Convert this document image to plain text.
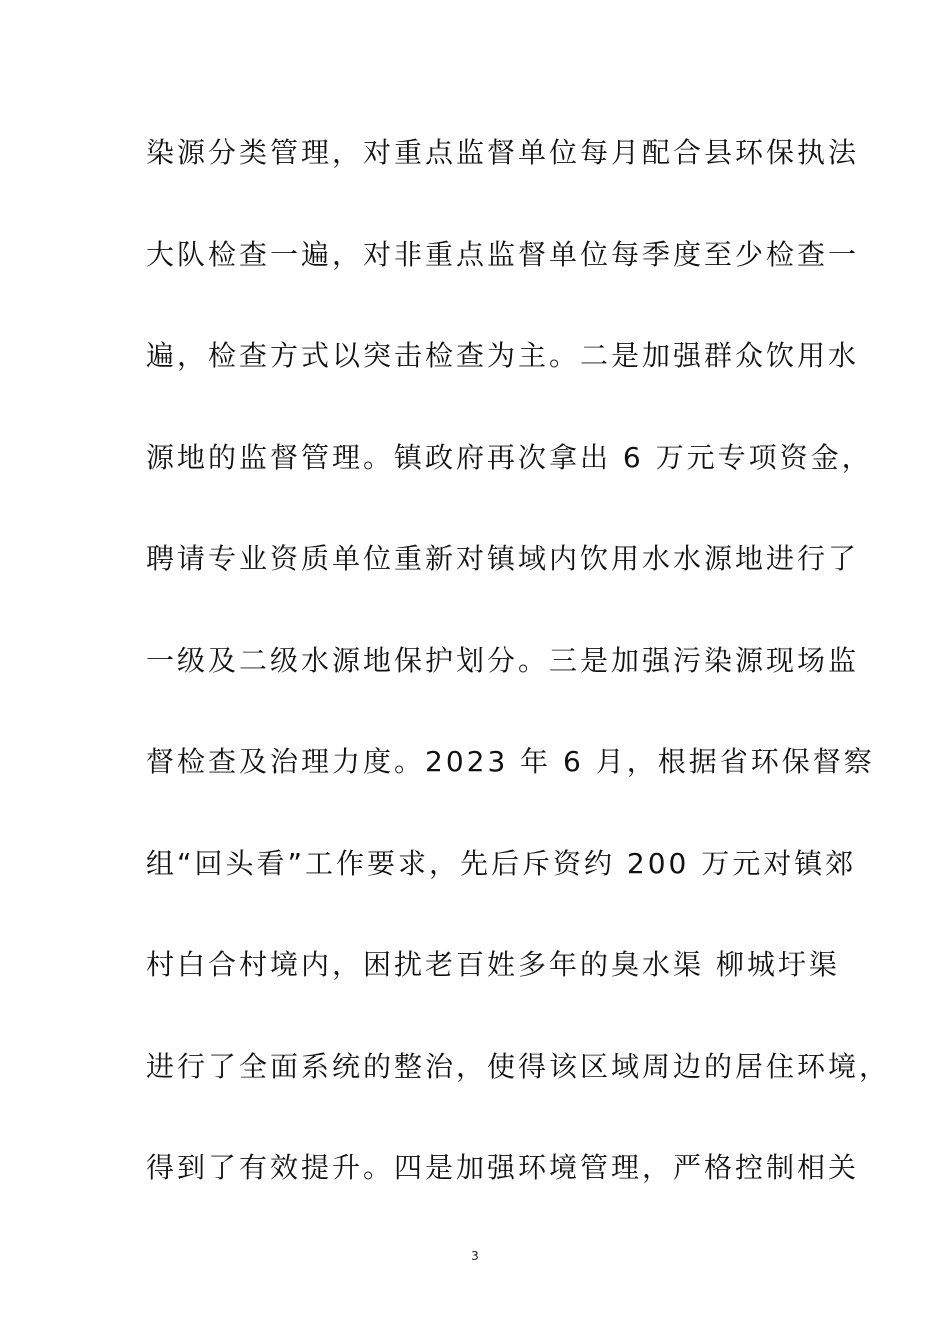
染源分类管理，对重点监督单位每月配合县环保执法
大队检查一遍，对非重点监督单位每季度至少检查一
遍，检查方式以突击检查为主。二是加强群众饮用水
源地的监督管理。镇政府再次拿出 6 万元专项资金，
聘请专业资质单位重新对镇域内饮用水水源地进行了
一级及二级水源地保护划分。三是加强污染源现场监
督检查及治理力度。2023 年 6 月，根据省环保督察
组“回头看”工作要求，先后斥资约 200 万元对镇郊
村白合村境内，困扰老百姓多年的臭水渠 柳城圩渠
进行了全面系统的整治，使得该区域周边的居住环境，
得到了有效提升。四是加强环境管理，严格控制相关
3
